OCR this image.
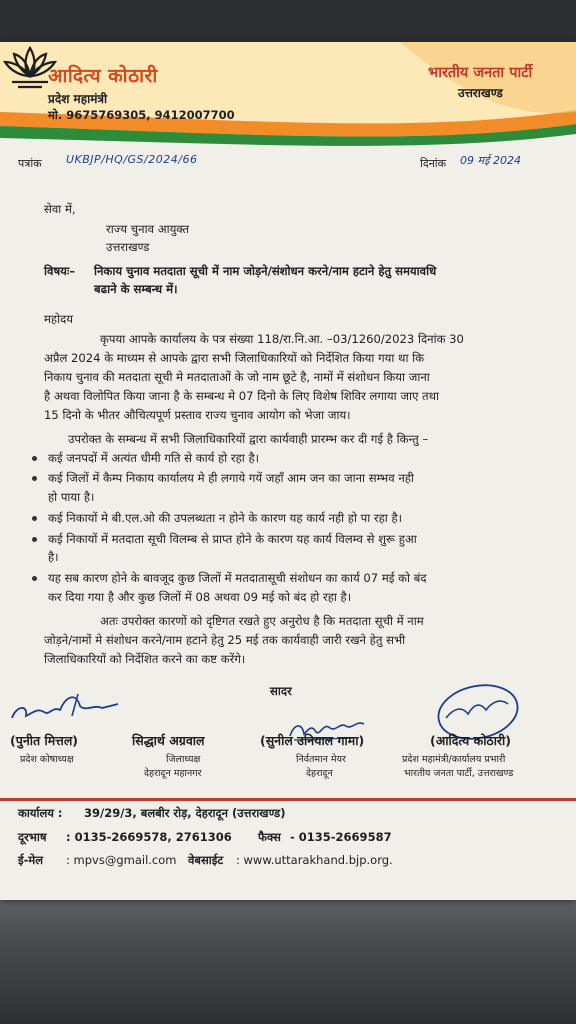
आदित्य कोठारी
प्रदेश महामंत्री
मो. 9675769305, 9412007700
भारतीय जनता पार्टी
उत्तराखण्ड
पत्रांक UKBJP/HQ/GS/2024/66	दिनांक 09 मई 2024
सेवा में,
राज्य चुनाव आयुक्त
उत्तराखण्ड
विषयः– निकाय चुनाव मतदाता सूची में नाम जोड़ने/संशोधन करने/नाम हटाने हेतु समयावधि
बढाने के सम्बन्ध में।
महोदय
कृपया आपके कार्यालय के पत्र संख्या 118/रा.नि.आ. –03/1260/2023 दिनांक 30
अप्रैल 2024 के माध्यम से आपके द्वारा सभी जिलाधिकारियों को निर्देशित किया गया था कि
निकाय चुनाव की मतदाता सूची मे मतदाताओं के जो नाम छूटे है, नामों में संशोधन किया जाना
है अथवा विलोपित किया जाना है के सम्बन्ध मे 07 दिनो के लिए विशेष शिविर लगाया जाए तथा
15 दिनो के भीतर औचित्यपूर्ण प्रस्ताव राज्य चुनाव आयोग को भेजा जाय।
उपरोक्त के सम्बन्ध में सभी जिलाधिकारियों द्वारा कार्यवाही प्रारम्भ कर दी गई है किन्तु –
कई जनपदों में अत्यंत धीमी गति से कार्य हो रहा है।
कई जिलों में कैम्प निकाय कार्यालय मे ही लगाये गयें जहाँ आम जन का जाना सम्भव नही
हो पाया है।
कई निकायों मे बी.एल.ओ की उपलब्धता न होने के कारण यह कार्य नही हो पा रहा है।
कई निकायों में मतदाता सूची विलम्ब से प्राप्त होने के कारण यह कार्य विलम्व से शुरू हुआ
है।
यह सब कारण होने के बावजूद कुछ जिलों में मतदातासूची संशोधन का कार्य 07 मई को बंद
कर दिया गया है और कुछ जिलों में 08 अथवा 09 मई को बंद हो रहा है।
अतः उपरोक्त कारणों को दृष्टिगत रखते हुए अनुरोध है कि मतदाता सूची में नाम
जोड़ने/नामों मे संशोधन करने/नाम हटाने हेतु 25 मई तक कार्यवाही जारी रखने हेतु सभी
जिलाधिकारियों को निर्देशित करने का कष्ट करेंगे।
सादर
(पुनीत मित्तल)
प्रदेश कोषाध्यक्ष
सिद्धार्थ अग्रवाल
जिलाध्यक्ष
देहरादून महानगर
(सुनील उनियाल गामा)
निर्वतमान मेयर
देहरादून
(आदित्य कोठारी)
प्रदेश महामंत्री/कार्यालय प्रभारी
भारतीय जनता पार्टी, उत्तराखण्ड
कार्यालय : 39/29/3, बलबीर रोड़, देहरादून (उत्तराखण्ड)
दूरभाष : 0135-2669578, 2761306 फैक्स - 0135-2669587
ई-मेल : mpvs@gmail.com वेबसाईट : www.uttarakhand.bjp.org.
